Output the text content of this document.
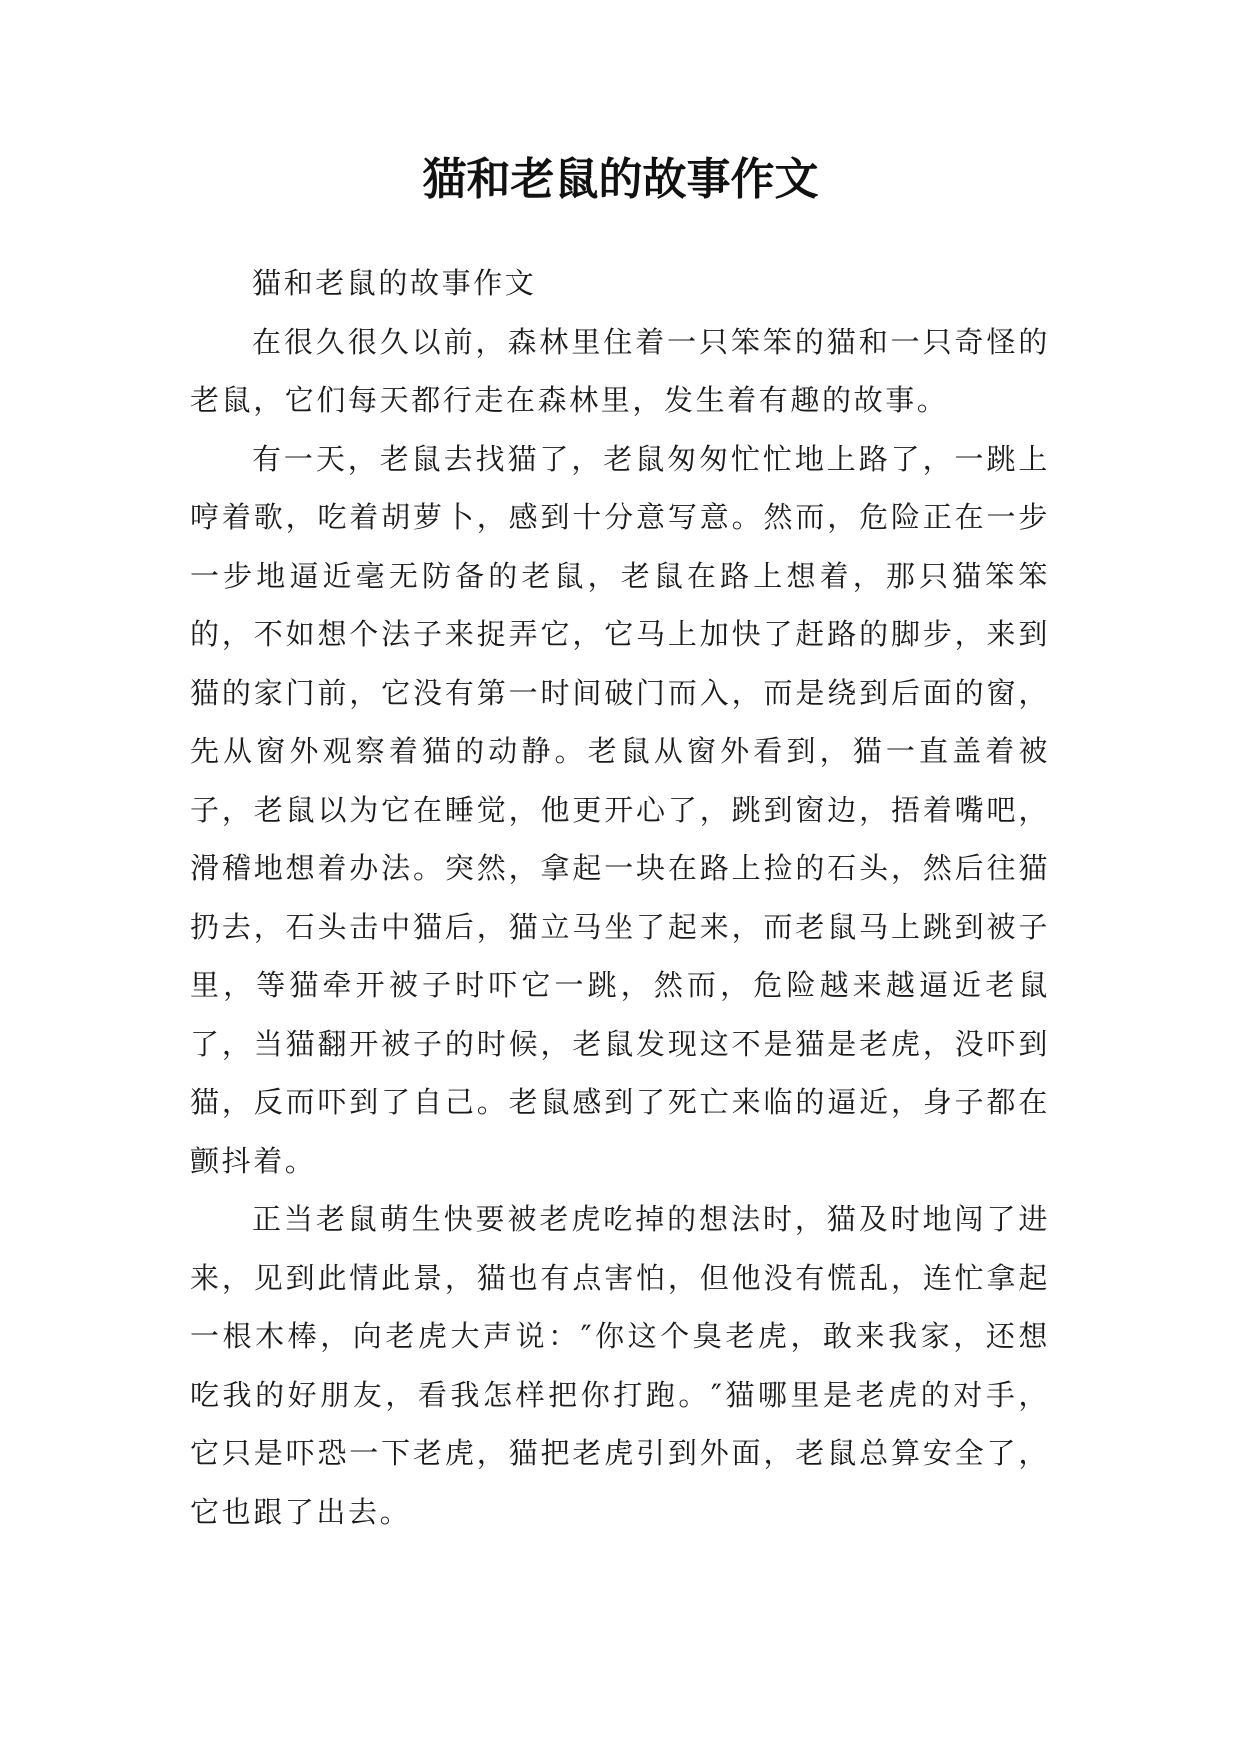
猫和老鼠的故事作文

猫和老鼠的故事作文

在很久很久以前，森林里住着一只笨笨的猫和一只奇怪的老鼠，它们每天都行走在森林里，发生着有趣的故事。

有一天，老鼠去找猫了，老鼠匆匆忙忙地上路了，一跳上哼着歌，吃着胡萝卜，感到十分意写意。然而，危险正在一步一步地逼近毫无防备的老鼠，老鼠在路上想着，那只猫笨笨的，不如想个法子来捉弄它，它马上加快了赶路的脚步，来到猫的家门前，它没有第一时间破门而入，而是绕到后面的窗，先从窗外观察着猫的动静。老鼠从窗外看到，猫一直盖着被子，老鼠以为它在睡觉，他更开心了，跳到窗边，捂着嘴吧，滑稽地想着办法。突然，拿起一块在路上捡的石头，然后往猫扔去，石头击中猫后，猫立马坐了起来，而老鼠马上跳到被子里，等猫牵开被子时吓它一跳，然而，危险越来越逼近老鼠了，当猫翻开被子的时候，老鼠发现这不是猫是老虎，没吓到猫，反而吓到了自己。老鼠感到了死亡来临的逼近，身子都在颤抖着。

正当老鼠萌生快要被老虎吃掉的想法时，猫及时地闯了进来，见到此情此景，猫也有点害怕，但他没有慌乱，连忙拿起一根木棒，向老虎大声说：″你这个臭老虎，敢来我家，还想吃我的好朋友，看我怎样把你打跑。″猫哪里是老虎的对手，它只是吓恐一下老虎，猫把老虎引到外面，老鼠总算安全了，它也跟了出去。
